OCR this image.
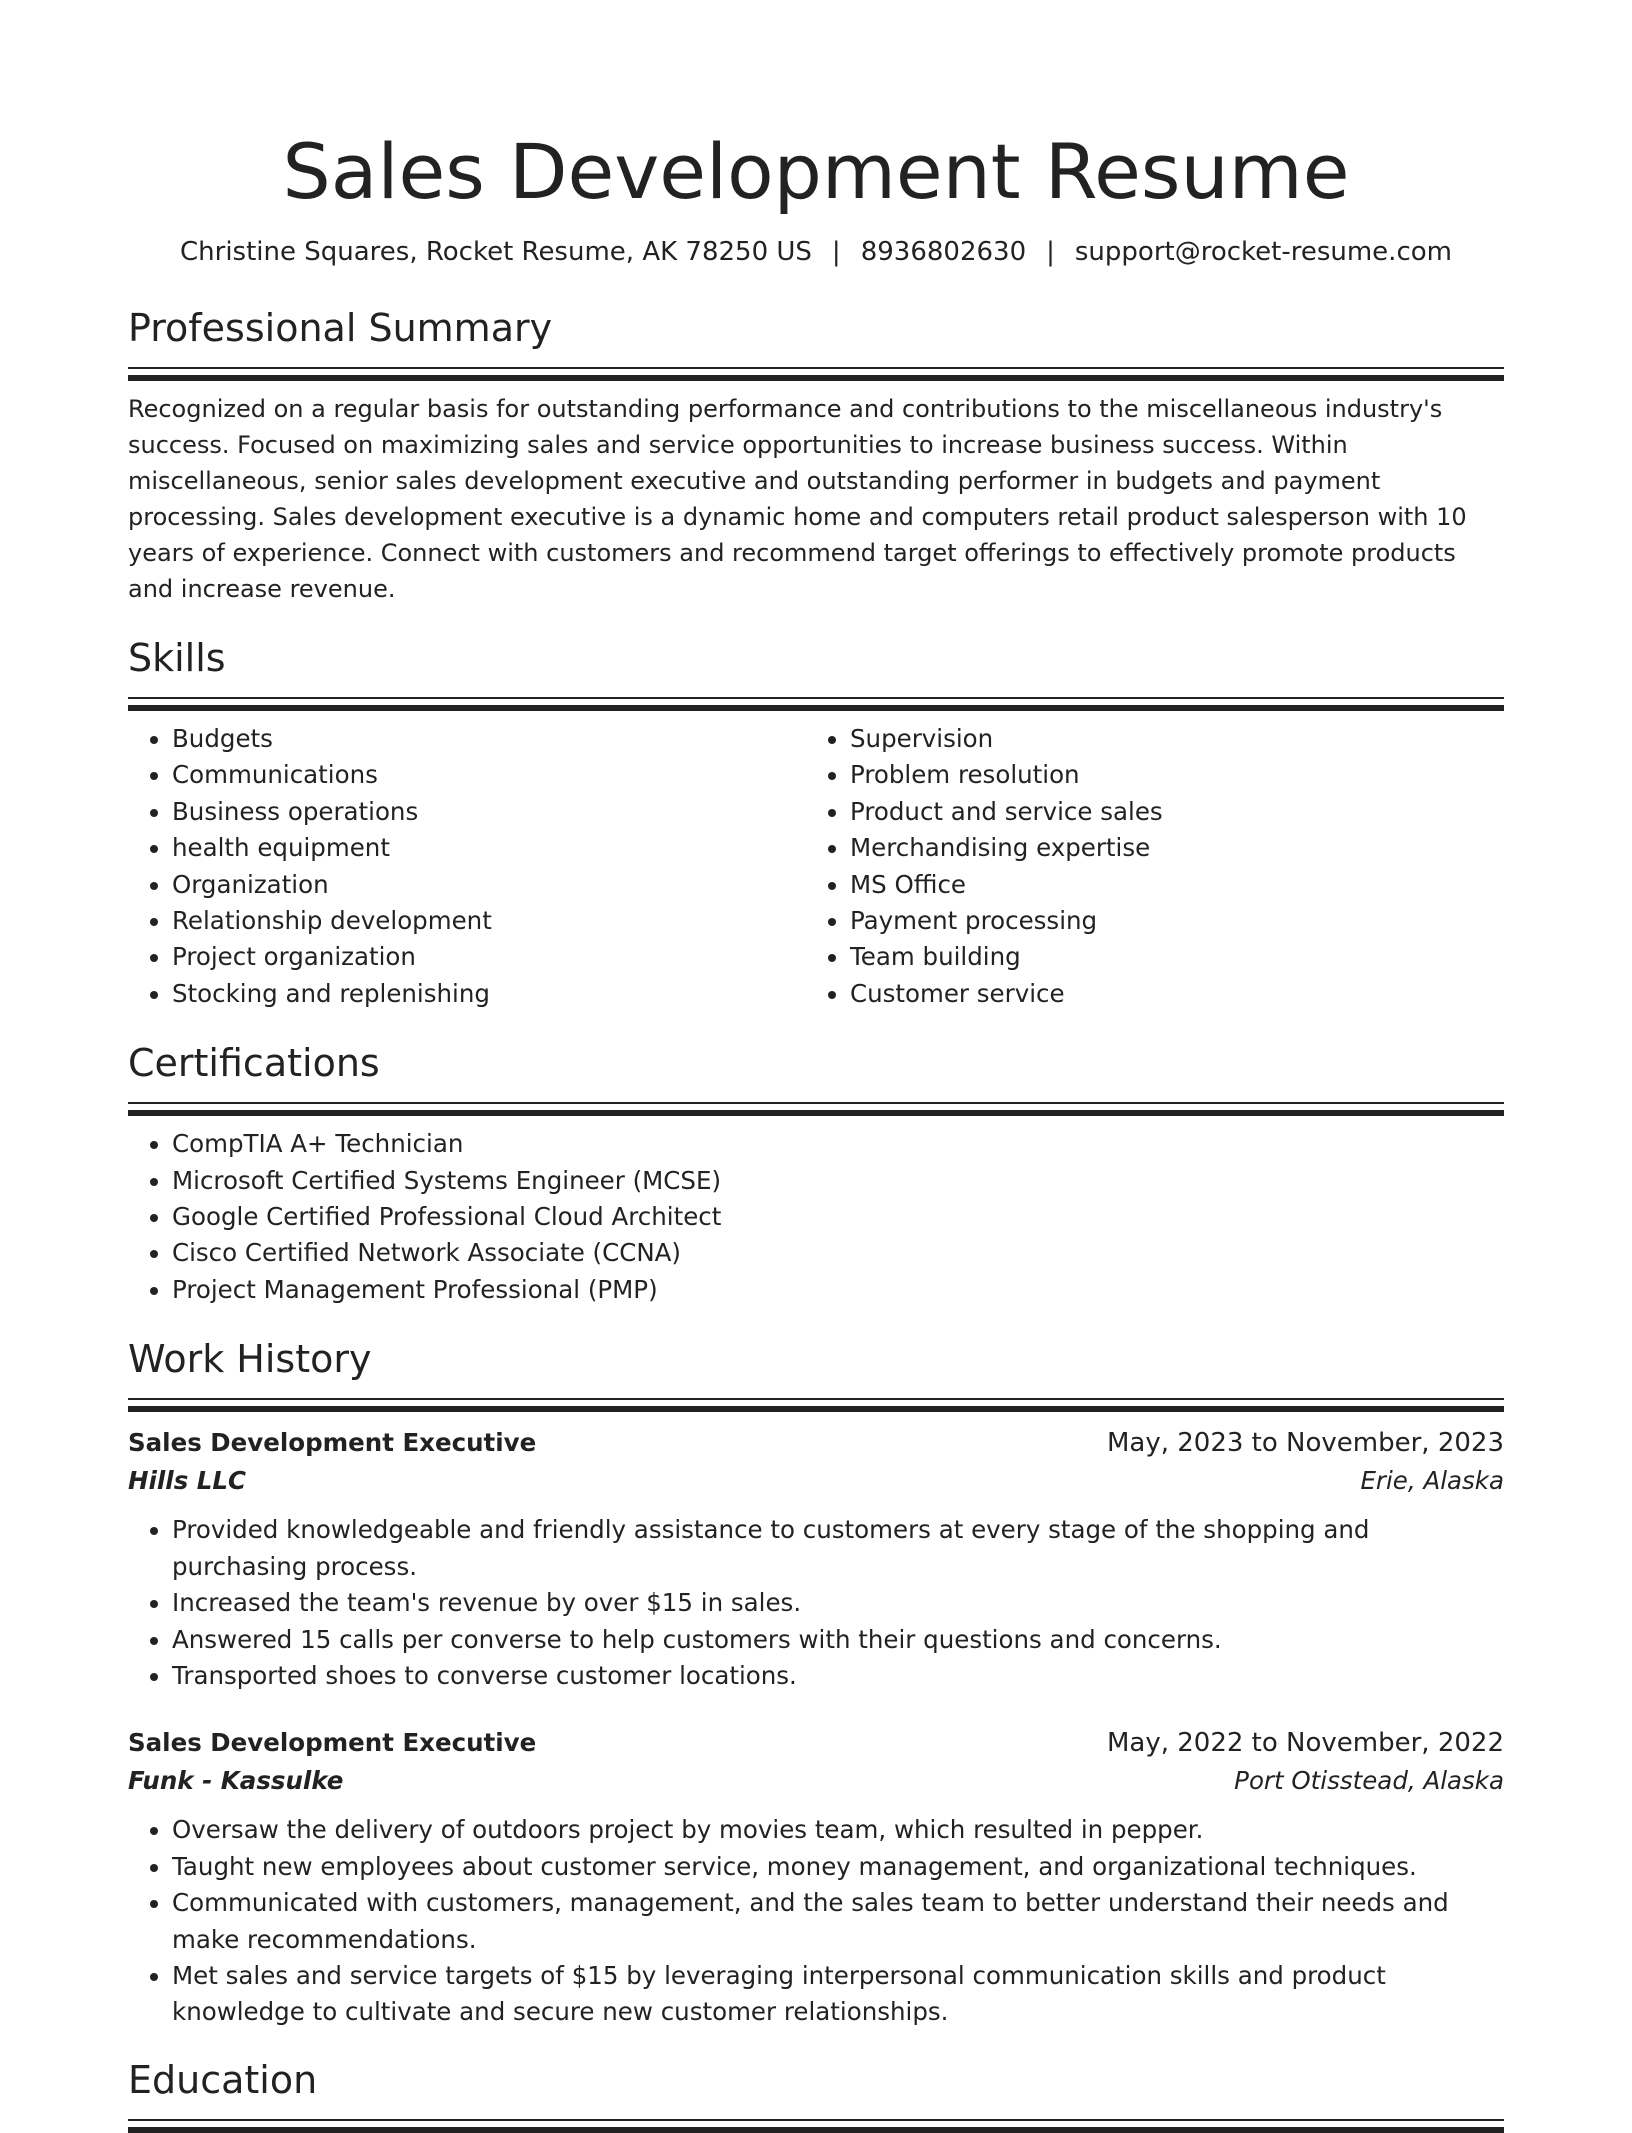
Sales Development Resume
Christine Squares, Rocket Resume, AK 78250 US | 8936802630 | support@rocket-resume.com
Professional Summary

Recognized on a regular basis for outstanding performance and contributions to the miscellaneous industry's success. Focused on maximizing sales and service opportunities to increase business success. Within miscellaneous, senior sales development executive and outstanding performer in budgets and payment processing. Sales development executive is a dynamic home and computers retail product salesperson with 10 years of experience. Connect with customers and recommend target offerings to effectively promote products and increase revenue.

Skills
• Budgets
• Communications
• Business operations
• health equipment
• Organization
• Relationship development
• Project organization
• Stocking and replenishing
• Supervision
• Problem resolution
• Product and service sales
• Merchandising expertise
• MS Office
• Payment processing
• Team building
• Customer service
Certifications
• CompTIA A+ Technician
• Microsoft Certified Systems Engineer (MCSE)
• Google Certified Professional Cloud Architect
• Cisco Certified Network Associate (CCNA)
• Project Management Professional (PMP)
Work History
Sales Development Executive	May, 2023 to November, 2023
Hills LLC	Erie, Alaska
• Provided knowledgeable and friendly assistance to customers at every stage of the shopping and purchasing process.
• Increased the team's revenue by over $15 in sales.
• Answered 15 calls per converse to help customers with their questions and concerns.
• Transported shoes to converse customer locations.
Sales Development Executive	May, 2022 to November, 2022
Funk - Kassulke	Port Otisstead, Alaska
• Oversaw the delivery of outdoors project by movies team, which resulted in pepper.
• Taught new employees about customer service, money management, and organizational techniques.
• Communicated with customers, management, and the sales team to better understand their needs and make recommendations.
• Met sales and service targets of $15 by leveraging interpersonal communication skills and product knowledge to cultivate and secure new customer relationships.
Education
